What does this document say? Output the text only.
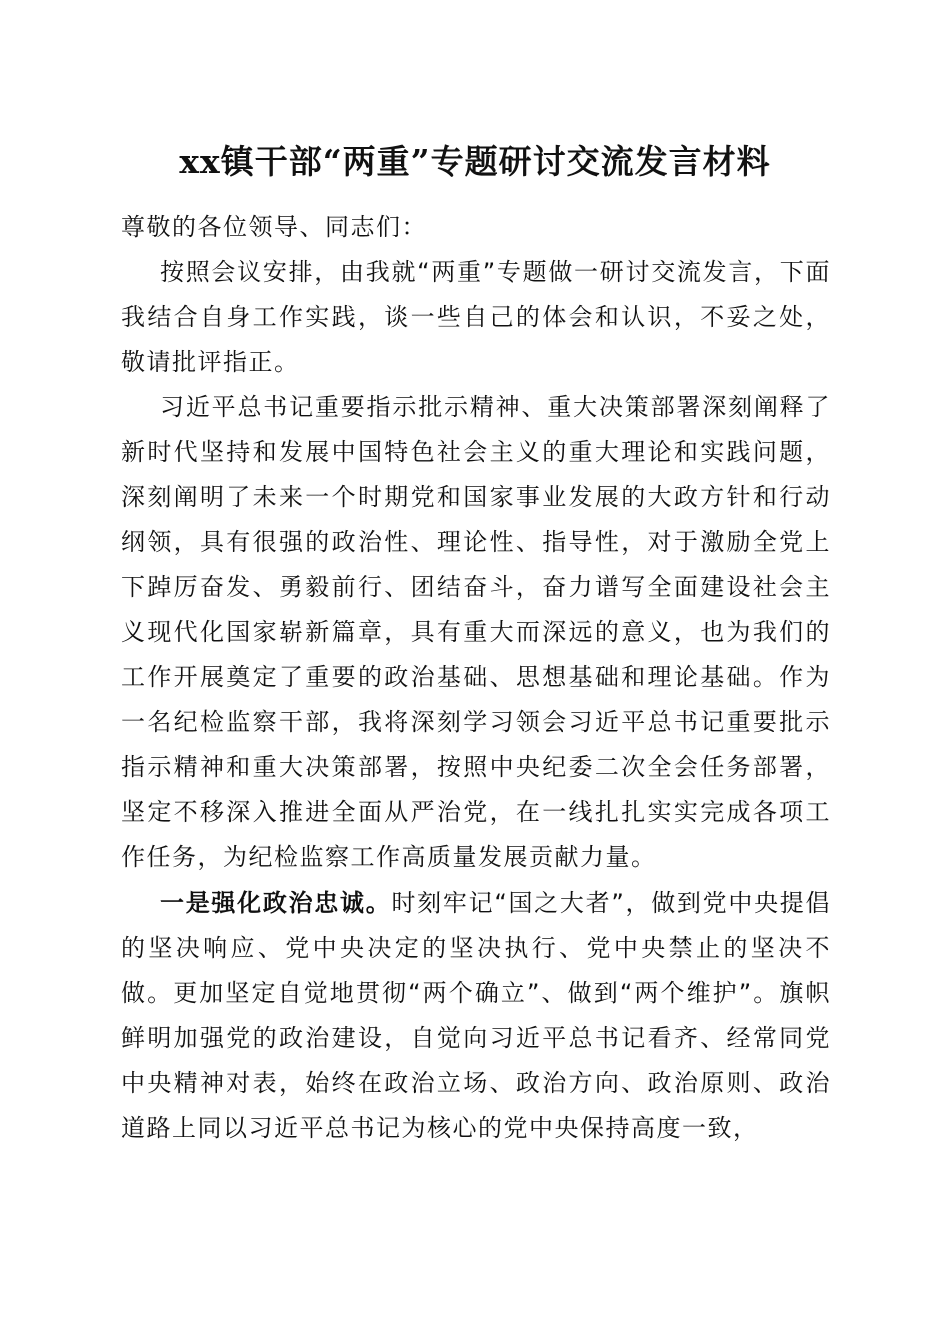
xx镇干部“两重”专题研讨交流发言材料

尊敬的各位领导、同志们：

按照会议安排，由我就“两重”专题做一研讨交流发言，下面我结合自身工作实践，谈一些自己的体会和认识，不妥之处，敬请批评指正。

习近平总书记重要指示批示精神、重大决策部署深刻阐释了新时代坚持和发展中国特色社会主义的重大理论和实践问题，深刻阐明了未来一个时期党和国家事业发展的大政方针和行动纲领，具有很强的政治性、理论性、指导性，对于激励全党上下踔厉奋发、勇毅前行、团结奋斗，奋力谱写全面建设社会主义现代化国家崭新篇章，具有重大而深远的意义，也为我们的工作开展奠定了重要的政治基础、思想基础和理论基础。作为一名纪检监察干部，我将深刻学习领会习近平总书记重要批示指示精神和重大决策部署，按照中央纪委二次全会任务部署，坚定不移深入推进全面从严治党，在一线扎扎实实完成各项工作任务，为纪检监察工作高质量发展贡献力量。

一是强化政治忠诚。时刻牢记“国之大者”，做到党中央提倡的坚决响应、党中央决定的坚决执行、党中央禁止的坚决不做。更加坚定自觉地贯彻“两个确立”、做到“两个维护”。旗帜鲜明加强党的政治建设，自觉向习近平总书记看齐、经常同党中央精神对表，始终在政治立场、政治方向、政治原则、政治道路上同以习近平总书记为核心的党中央保持高度一致，
